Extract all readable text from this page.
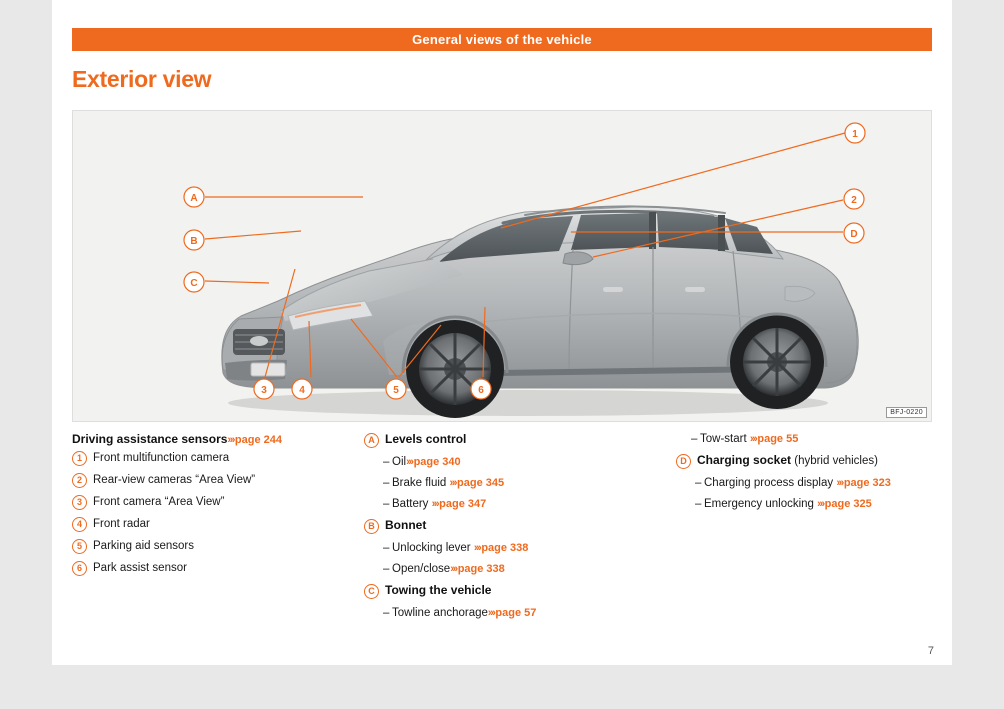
General views of the vehicle
Exterior view
1
2
D
A
B
C
3	4	5	6
BFJ-0220
Driving assistance sensors ›››page 244
1 Front multifunction camera
2 Rear-view cameras “Area View”
3 Front camera “Area View”
4 Front radar
5 Parking aid sensors
6 Park assist sensor
A Levels control
– Oil›››page 340
– Brake fluid ›››page 345
– Battery ›››page 347
B Bonnet
– Unlocking lever ›››page 338
– Open/close›››page 338
C Towing the vehicle
– Towline anchorage›››page 57
– Tow-start ›››page 55
D Charging socket (hybrid vehicles)
– Charging process display ›››page 323
– Emergency unlocking ›››page 325
7
